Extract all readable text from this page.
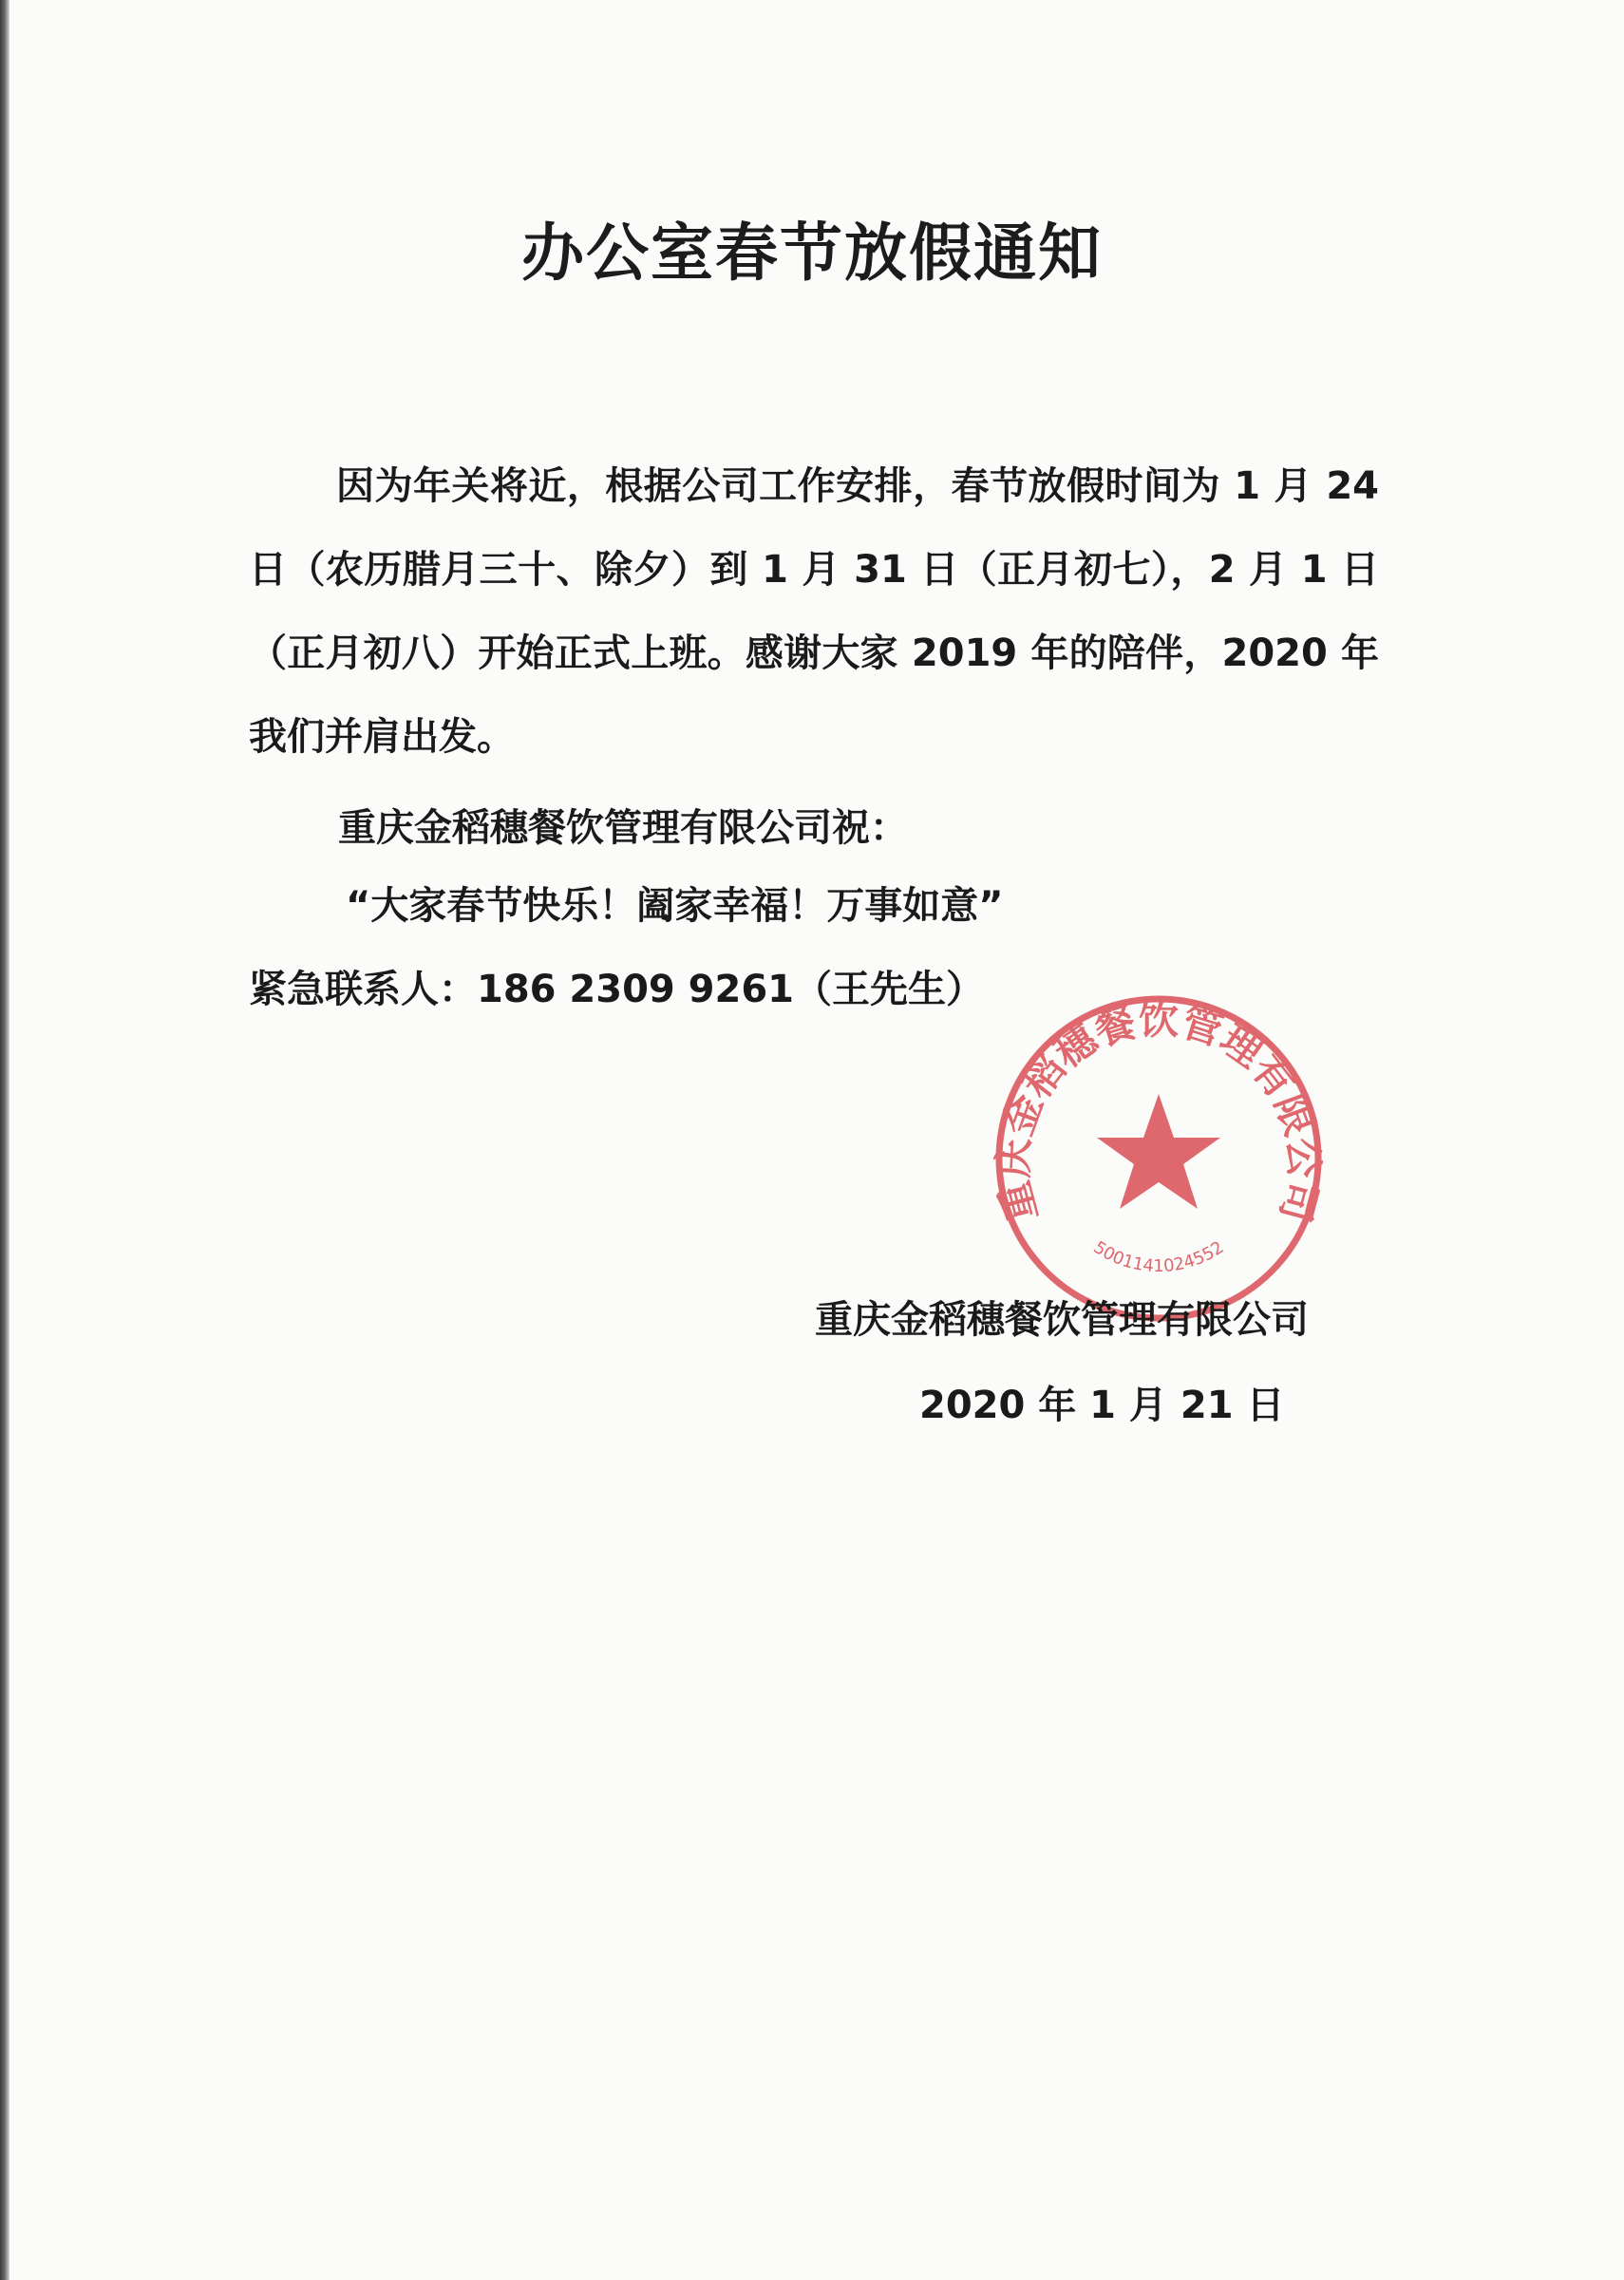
办公室春节放假通知

因为年关将近，根据公司工作安排，春节放假时间为 1 月 24 日（农历腊月三十、除夕）到 1 月 31 日（正月初七），2 月 1 日（正月初八）开始正式上班。感谢大家 2019 年的陪伴，2020 年我们并肩出发。

重庆金稻穗餐饮管理有限公司祝：

“大家春节快乐！阖家幸福！万事如意”

紧急联系人：186 2309 9261（王先生）

重庆金稻穗餐饮管理有限公司
5001141024552

重庆金稻穗餐饮管理有限公司

2020 年 1 月 21 日
